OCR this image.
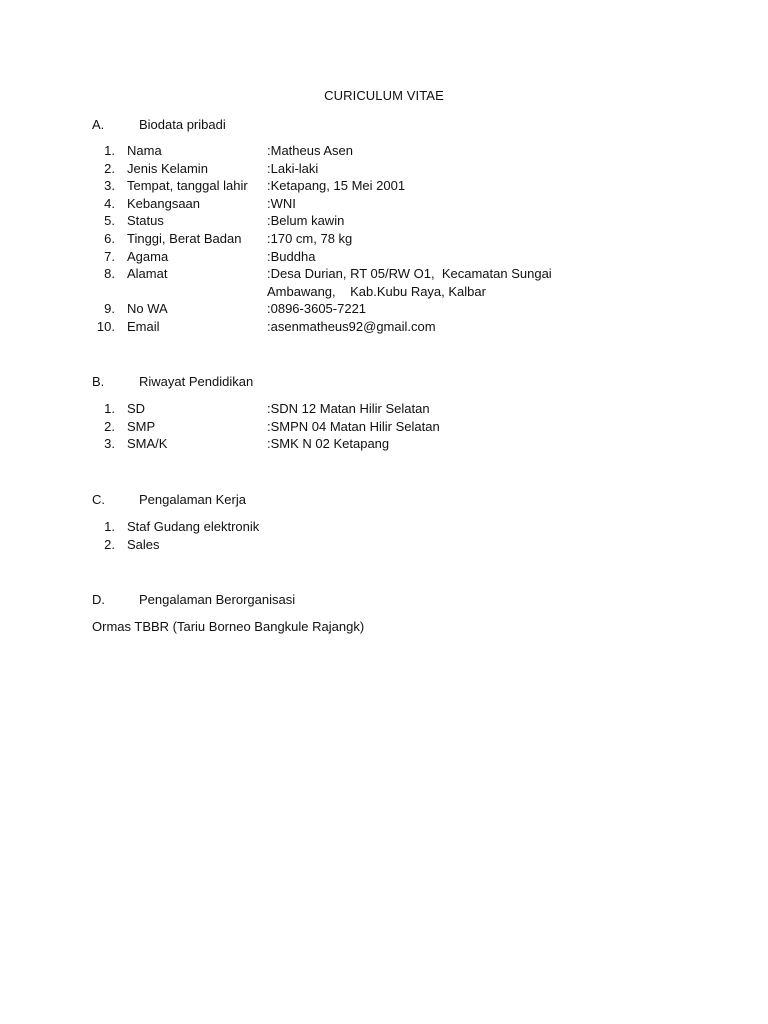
CURICULUM VITAE
A.	Biodata pribadi
1. Nama	:Matheus Asen
2. Jenis Kelamin	:Laki-laki
3. Tempat, tanggal lahir	:Ketapang, 15 Mei 2001
4. Kebangsaan	:WNI
5. Status	:Belum kawin
6. Tinggi, Berat Badan	:170 cm, 78 kg
7. Agama	:Buddha
8. Alamat	:Desa Durian, RT 05/RW O1,  Kecamatan Sungai
Ambawang,    Kab.Kubu Raya, Kalbar
9. No WA	:0896-3605-7221
10. Email	:asenmatheus92@gmail.com
B.	Riwayat Pendidikan
1. SD	:SDN 12 Matan Hilir Selatan
2. SMP	:SMPN 04 Matan Hilir Selatan
3. SMA/K	:SMK N 02 Ketapang
C.	Pengalaman Kerja
1. Staf Gudang elektronik
2. Sales
D.	Pengalaman Berorganisasi
Ormas TBBR (Tariu Borneo Bangkule Rajangk)
